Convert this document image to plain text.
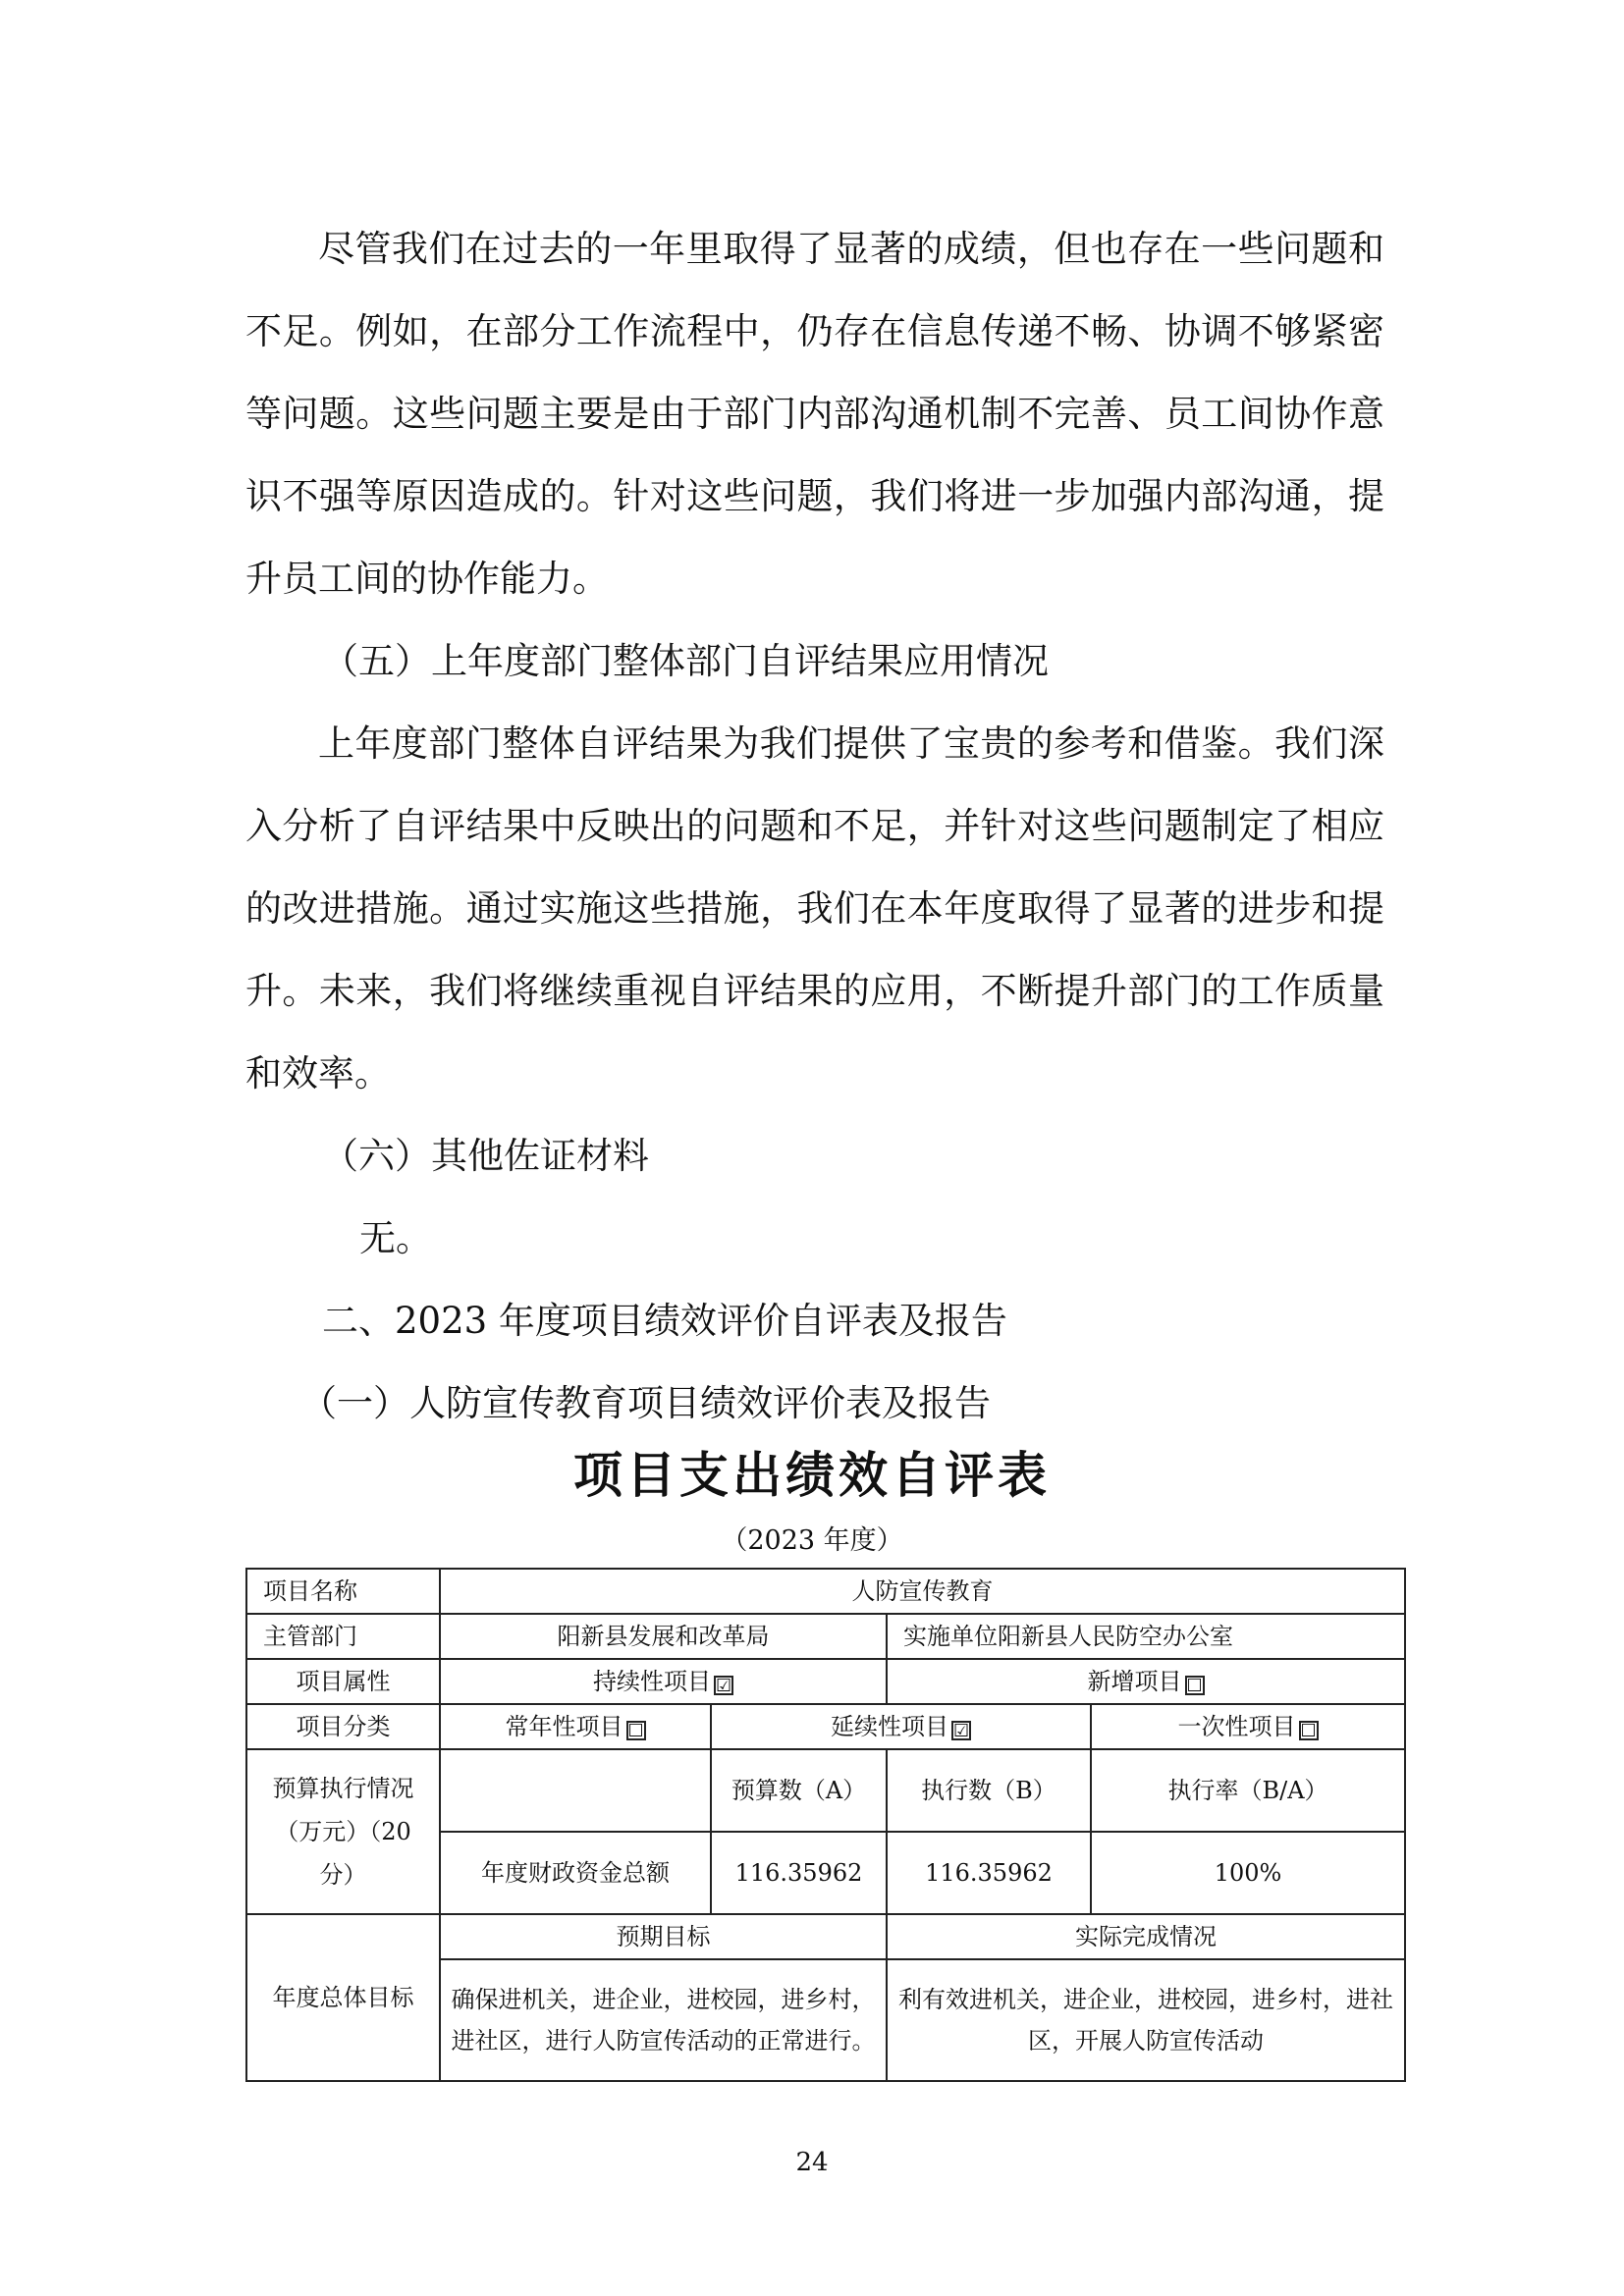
尽管我们在过去的一年里取得了显著的成绩，但也存在一些问题和不足。例如，在部分工作流程中，仍存在信息传递不畅、协调不够紧密等问题。这些问题主要是由于部门内部沟通机制不完善、员工间协作意识不强等原因造成的。针对这些问题，我们将进一步加强内部沟通，提升员工间的协作能力。

（五）上年度部门整体部门自评结果应用情况

上年度部门整体自评结果为我们提供了宝贵的参考和借鉴。我们深入分析了自评结果中反映出的问题和不足，并针对这些问题制定了相应的改进措施。通过实施这些措施，我们在本年度取得了显著的进步和提升。未来，我们将继续重视自评结果的应用，不断提升部门的工作质量和效率。

（六）其他佐证材料

无。

二、2023 年度项目绩效评价自评表及报告

（一）人防宣传教育项目绩效评价表及报告

项目支出绩效自评表
（2023 年度）
项目名称	人防宣传教育			
主管部门	阳新县发展和改革局		实施单位阳新县人民防空办公室	
项目属性	持续性项目 ☑		新增项目 ☐	
项目分类	常年性项目 ☐	延续性项目 ☑		一次性项目 ☐
预算执行情况（万元）（20 分）		预算数（A）	执行数（B）	执行率（B/A）
	年度财政资金总额	116.35962	116.35962	100%
年度总体目标	预期目标		实际完成情况	
	确保进机关，进企业，进校园，进乡村，进社区，进行人防宣传活动的正常进行。		利有效进机关，进企业，进校园，进乡村，进社区，开展人防宣传活动	
24
